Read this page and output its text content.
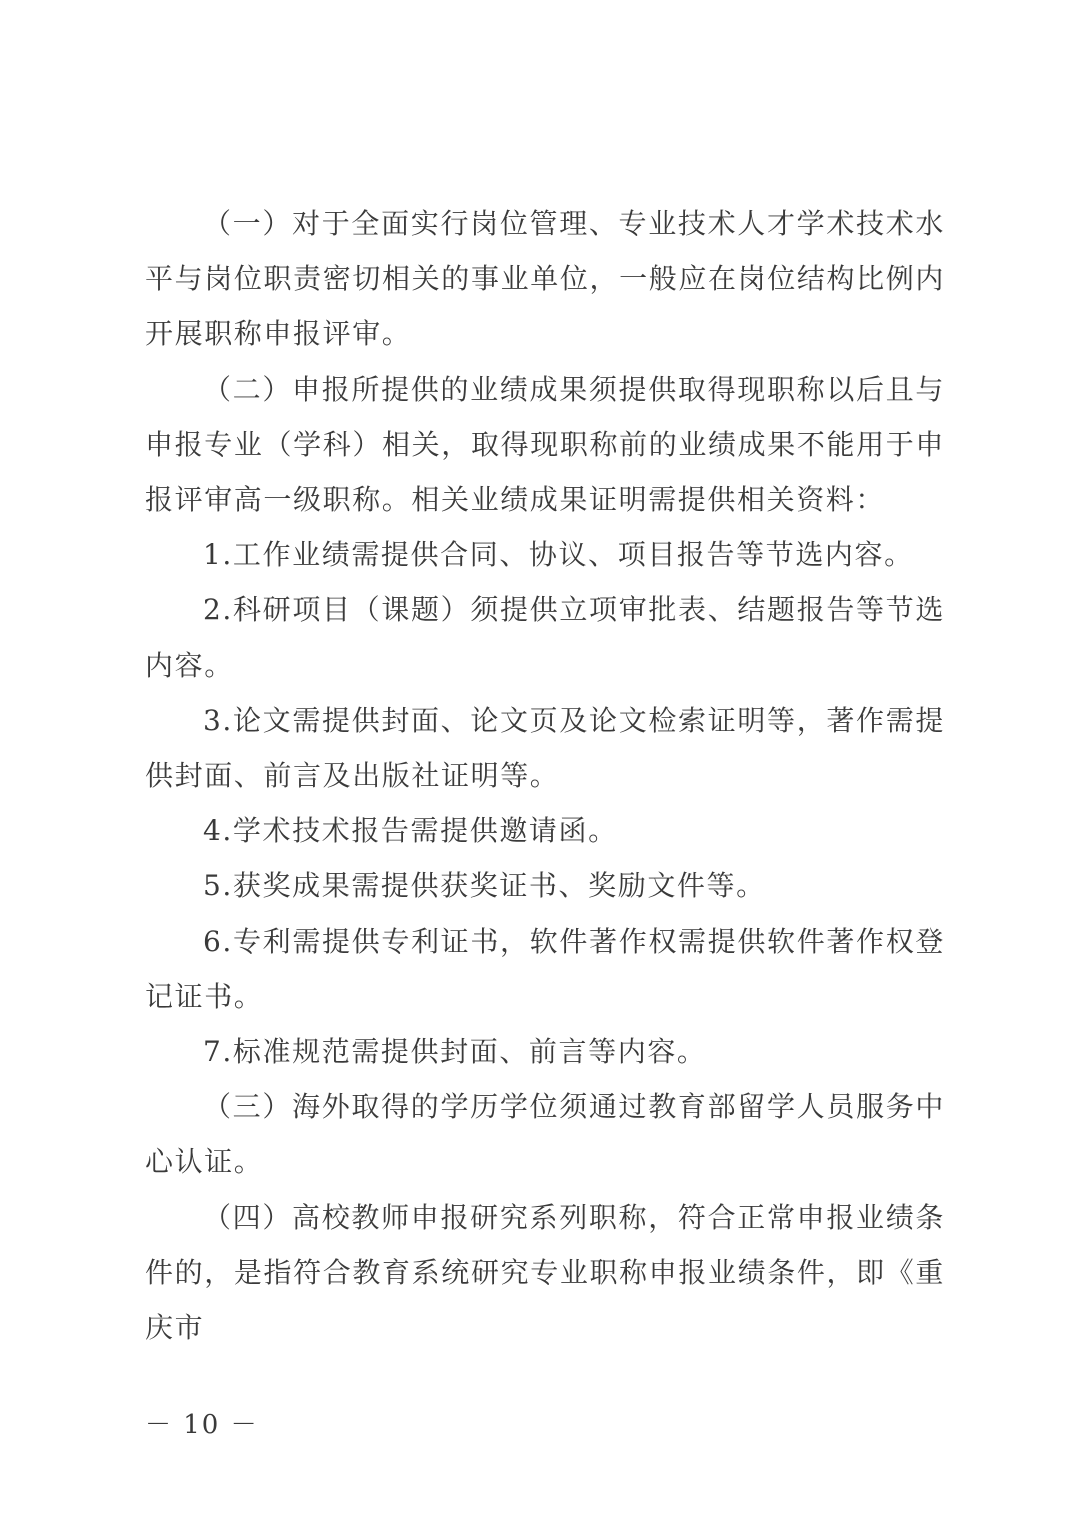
（一）对于全面实行岗位管理、专业技术人才学术技术水平与岗位职责密切相关的事业单位，一般应在岗位结构比例内开展职称申报评审。

（二）申报所提供的业绩成果须提供取得现职称以后且与申报专业（学科）相关，取得现职称前的业绩成果不能用于申报评审高一级职称。相关业绩成果证明需提供相关资料：

1.工作业绩需提供合同、协议、项目报告等节选内容。

2.科研项目（课题）须提供立项审批表、结题报告等节选内容。

3.论文需提供封面、论文页及论文检索证明等，著作需提供封面、前言及出版社证明等。

4.学术技术报告需提供邀请函。

5.获奖成果需提供获奖证书、奖励文件等。

6.专利需提供专利证书，软件著作权需提供软件著作权登记证书。

7.标准规范需提供封面、前言等内容。

（三）海外取得的学历学位须通过教育部留学人员服务中心认证。

（四）高校教师申报研究系列职称，符合正常申报业绩条件的，是指符合教育系统研究专业职称申报业绩条件，即《重庆市

－ 10 －
